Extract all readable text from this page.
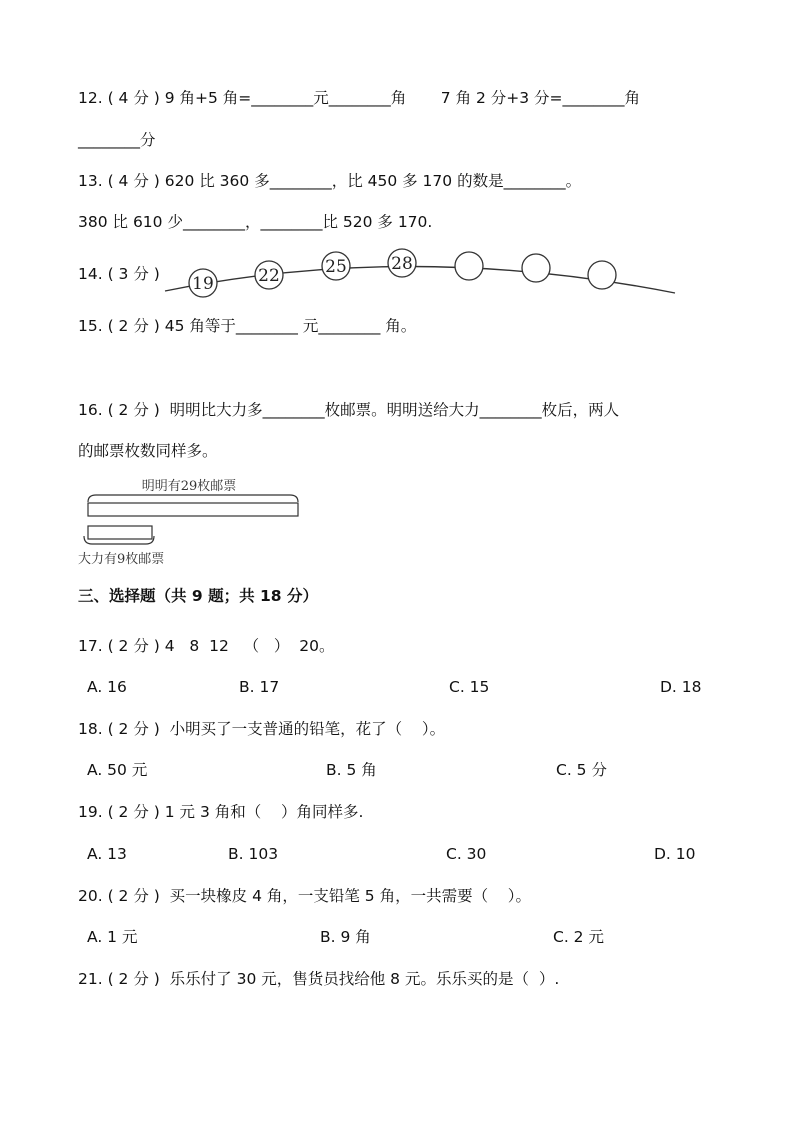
12. ( 4 分 ) 9 角+5 角=________元________角       7 角 2 分+3 分=________角
________分
13. ( 4 分 ) 620 比 360 多________，比 450 多 170 的数是________。
380 比 610 少________，________比 520 多 170.
14. ( 3 分 ) 19	22	25	28
15. ( 2 分 ) 45 角等于________ 元________ 角。
16. ( 2 分 )  明明比大力多________枚邮票。明明送给大力________枚后，两人
的邮票枚数同样多。
明明有29枚邮票
大力有9枚邮票
三、选择题（共 9 题；共 18 分）
17. ( 2 分 ) 4   8  12   （   ）  20。
A. 16	B. 17	C. 15	D. 18
18. ( 2 分 )  小明买了一支普通的铅笔，花了（    ）。
A. 50 元	B. 5 角	C. 5 分
19. ( 2 分 ) 1 元 3 角和（    ）角同样多.
A. 13	B. 103	C. 30	D. 10
20. ( 2 分 )  买一块橡皮 4 角，一支铅笔 5 角，一共需要（    ）。
A. 1 元	B. 9 角	C. 2 元
21. ( 2 分 )  乐乐付了 30 元，售货员找给他 8 元。乐乐买的是（  ）.
